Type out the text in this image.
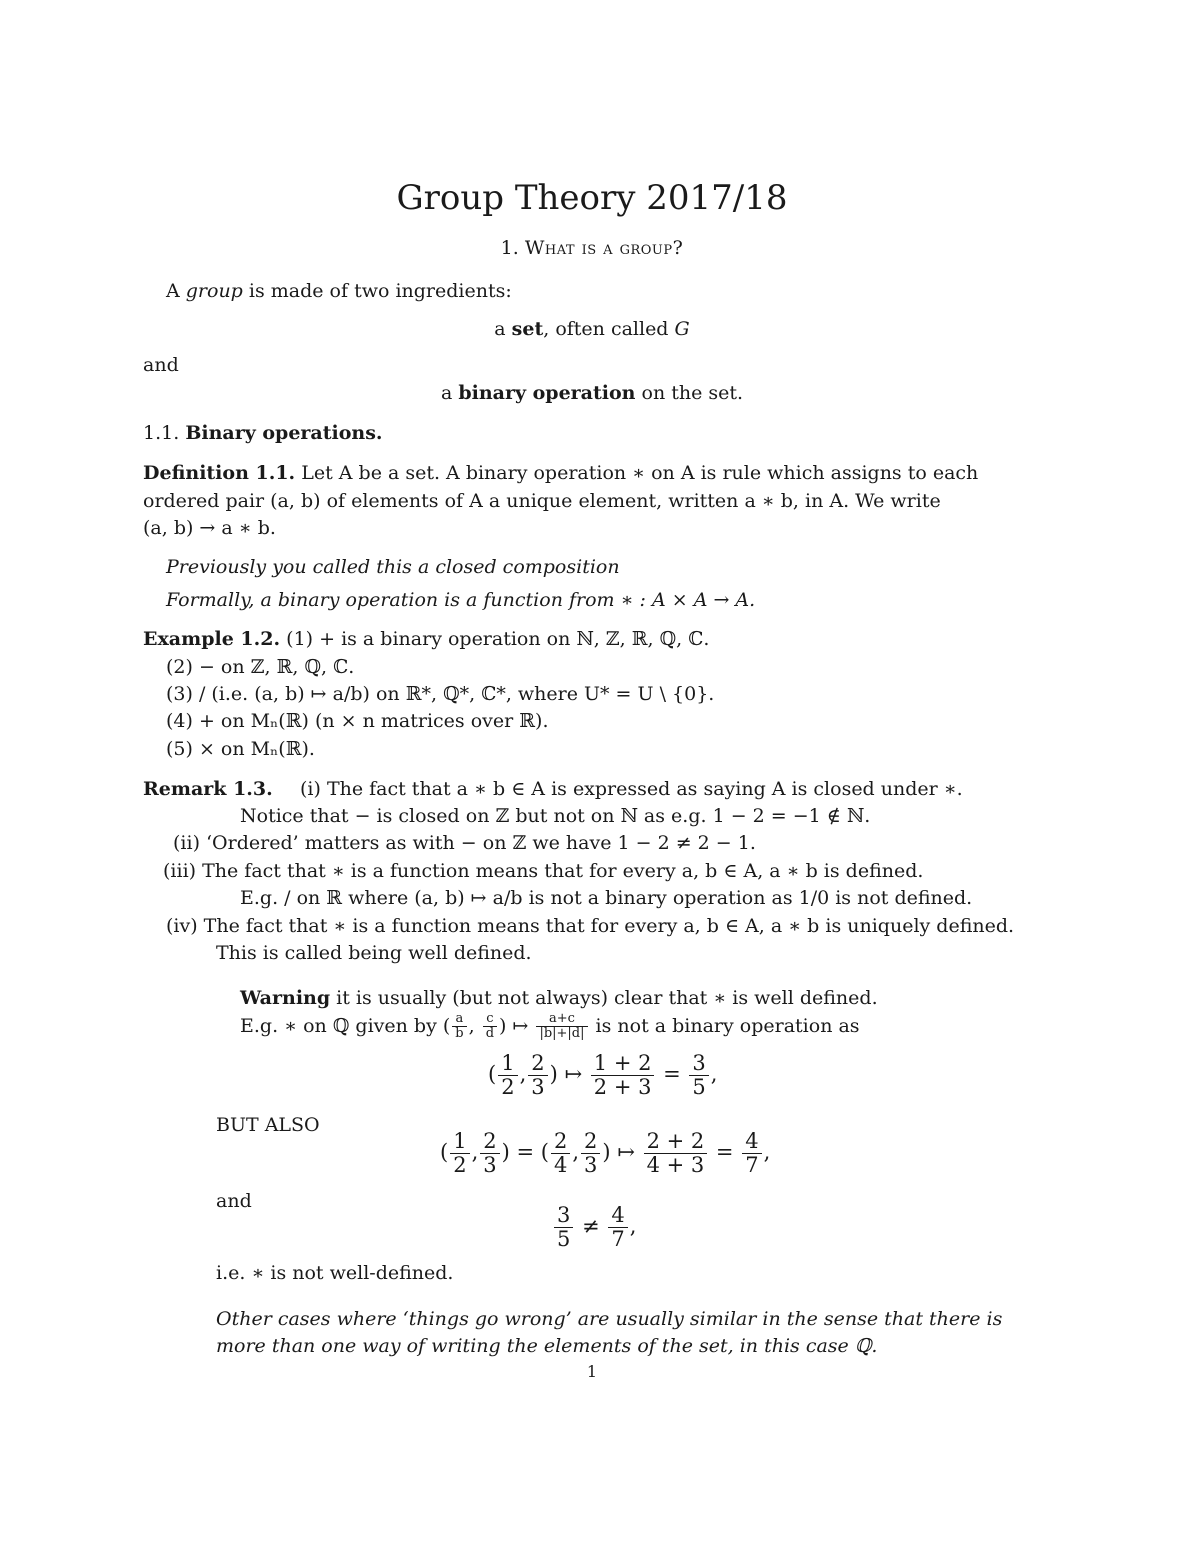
Group Theory 2017/18
1. What is a group?
A group is made of two ingredients:
a set, often called G
and
a binary operation on the set.
1.1. Binary operations.
Definition 1.1. Let A be a set. A binary operation ∗ on A is rule which assigns to each
ordered pair (a, b) of elements of A a unique element, written a ∗ b, in A. We write
(a, b) → a ∗ b.
Previously you called this a closed composition
Formally, a binary operation is a function from ∗ : A × A → A.
Example 1.2. (1) + is a binary operation on ℕ, ℤ, ℝ, ℚ, ℂ.
(2) − on ℤ, ℝ, ℚ, ℂ.
(3) / (i.e. (a, b) ↦ a/b) on ℝ*, ℚ*, ℂ*, where U* = U \ {0}.
(4) + on Mₙ(ℝ) (n × n matrices over ℝ).
(5) × on Mₙ(ℝ).
Remark 1.3. (i) The fact that a ∗ b ∈ A is expressed as saying A is closed under ∗.
Notice that − is closed on ℤ but not on ℕ as e.g. 1 − 2 = −1 ∉ ℕ.
(ii) ‘Ordered’ matters as with − on ℤ we have 1 − 2 ≠ 2 − 1.
(iii) The fact that ∗ is a function means that for every a, b ∈ A, a ∗ b is defined.
E.g. / on ℝ where (a, b) ↦ a/b is not a binary operation as 1/0 is not defined.
(iv) The fact that ∗ is a function means that for every a, b ∈ A, a ∗ b is uniquely defined.
This is called being well defined.
Warning it is usually (but not always) clear that ∗ is well defined.
E.g. ∗ on ℚ given by ( $\frac{a}{b}$ , $\frac{c}{d}$ ) ↦ $\frac{a+c}{|b|+|d|}$ is not a binary operation as
( $\frac{1}{2}$ , $\frac{2}{3}$ ) ↦ $\frac{1 + 2}{2 + 3} = \frac{3}{5}$ ,
BUT ALSO
( $\frac{1}{2}$ , $\frac{2}{3}$ ) = ( $\frac{2}{4}$ , $\frac{2}{3}$ ) ↦ $\frac{2 + 2}{4 + 3} = \frac{4}{7}$ ,
and
$\frac{3}{5} \ne \frac{4}{7}$ ,
i.e. ∗ is not well-defined.
Other cases where ‘things go wrong’ are usually similar in the sense that there is
more than one way of writing the elements of the set, in this case ℚ.
1
